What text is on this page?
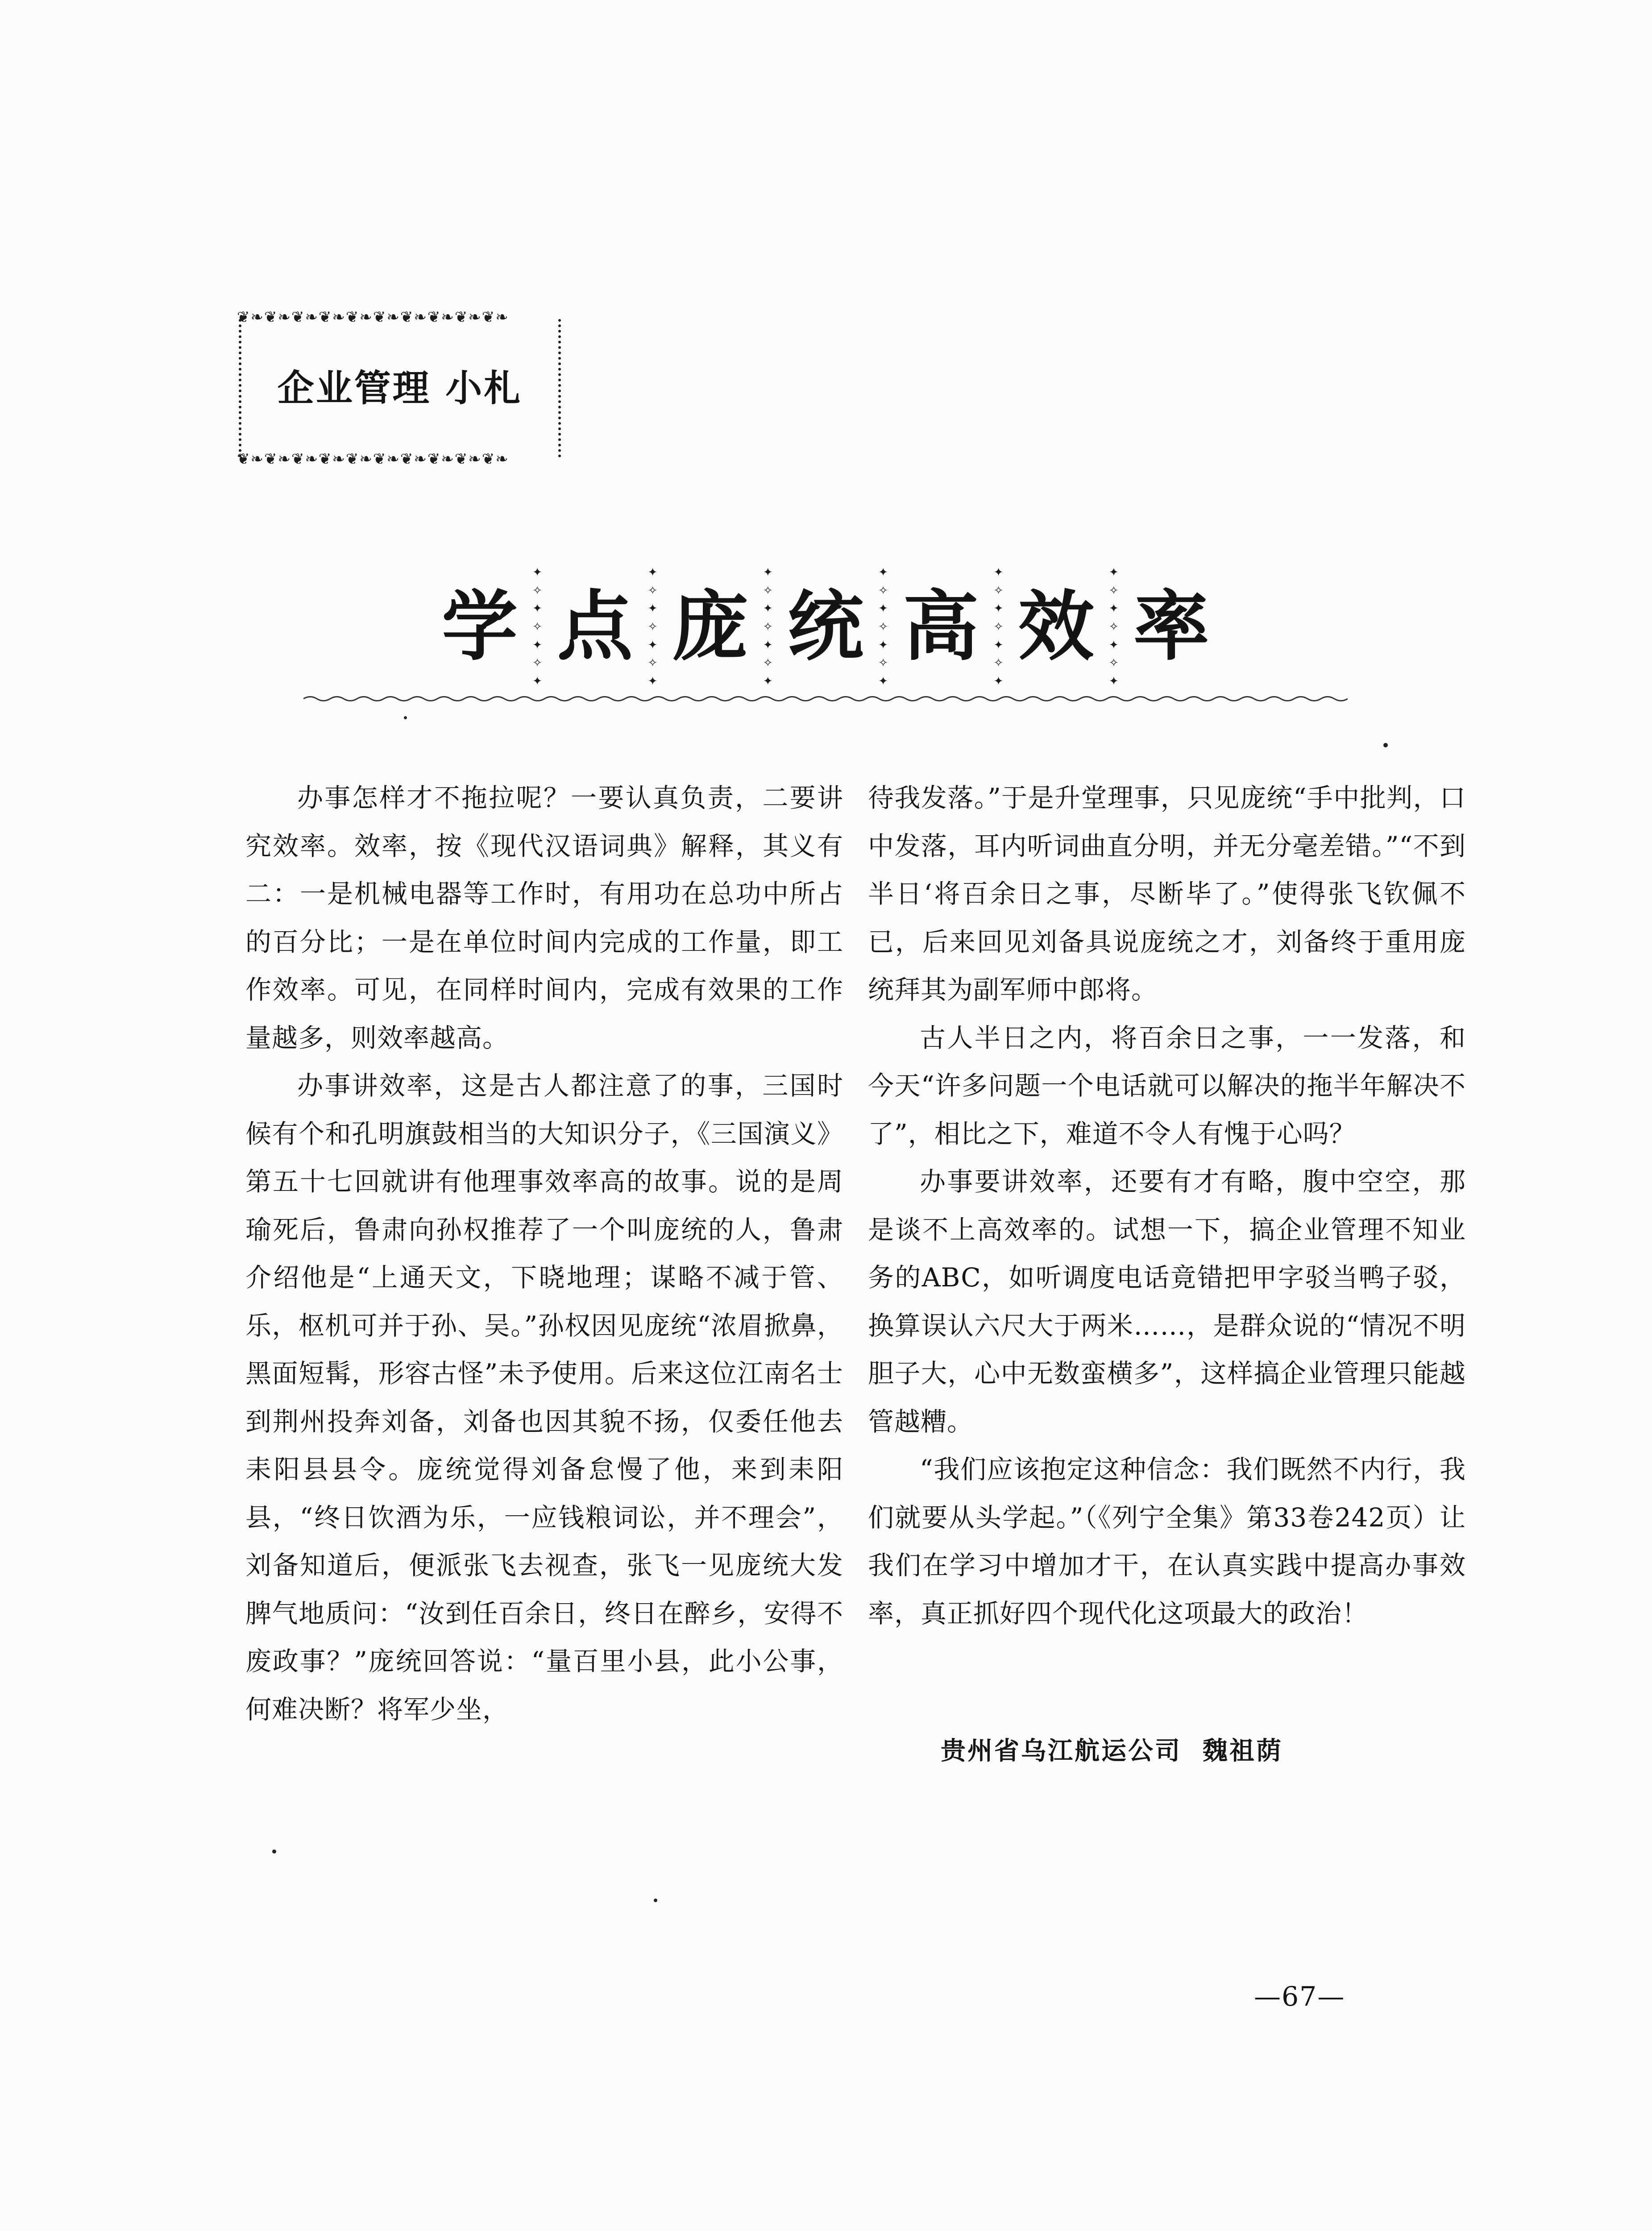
❦❧❦❧❦❧❦❧❦❧❦❧❦❧❦❧❦❧❦❧
企业管理 小札
❦❧❦❧❦❧❦❧❦❧❦❧❦❧❦❧❦❧❦❧
学
✦
✧
✦
✧
✦
✧
✦
点
✦
✧
✦
✧
✦
✧
✦
庞
✦
✧
✦
✧
✦
✧
✦
统
✦
✧
✦
✧
✦
✧
✦
高
✦
✧
✦
✧
✦
✧
✦
效
✦
✧
✦
✧
✦
✧
✦
率

办事怎样才不拖拉呢？一要认真负责，二要讲究效率。效率，按《现代汉语词典》解释，其义有二：一是机械电器等工作时，有用功在总功中所占的百分比；一是在单位时间内完成的工作量，即工作效率。可见，在同样时间内，完成有效果的工作量越多，则效率越高。

办事讲效率，这是古人都注意了的事，三国时候有个和孔明旗鼓相当的大知识分子，《三国演义》第五十七回就讲有他理事效率高的故事。说的是周瑜死后，鲁肃向孙权推荐了一个叫庞统的人，鲁肃介绍他是“上通天文，下晓地理；谋略不减于管、乐，枢机可并于孙、吴。”孙权因见庞统“浓眉掀鼻，黑面短髯，形容古怪”未予使用。后来这位江南名士到荆州投奔刘备，刘备也因其貌不扬，仅委任他去耒阳县县令。庞统觉得刘备怠慢了他，来到耒阳县，“终日饮酒为乐，一应钱粮词讼，并不理会”，刘备知道后，便派张飞去视查，张飞一见庞统大发脾气地质问：“汝到任百余日，终日在醉乡，安得不废政事？”庞统回答说：“量百里小县，此小公事，何难决断？将军少坐，

待我发落。”于是升堂理事，只见庞统“手中批判，口中发落，耳内听词曲直分明，并无分毫差错。”“不到半日‘将百余日之事，尽断毕了。”使得张飞钦佩不已，后来回见刘备具说庞统之才，刘备终于重用庞统拜其为副军师中郎将。

古人半日之内，将百余日之事，一一发落，和今天“许多问题一个电话就可以解决的拖半年解决不了”，相比之下，难道不令人有愧于心吗？

办事要讲效率，还要有才有略，腹中空空，那是谈不上高效率的。试想一下，搞企业管理不知业务的ABC，如听调度电话竟错把甲字驳当鸭子驳，换算误认六尺大于两米……，是群众说的“情况不明胆子大，心中无数蛮横多”，这样搞企业管理只能越管越糟。

“我们应该抱定这种信念：我们既然不内行，我们就要从头学起。”（《列宁全集》第33卷242页）让我们在学习中增加才干，在认真实践中提高办事效率，真正抓好四个现代化这项最大的政治！

贵州省乌江航运公司  魏祖荫
—67—
